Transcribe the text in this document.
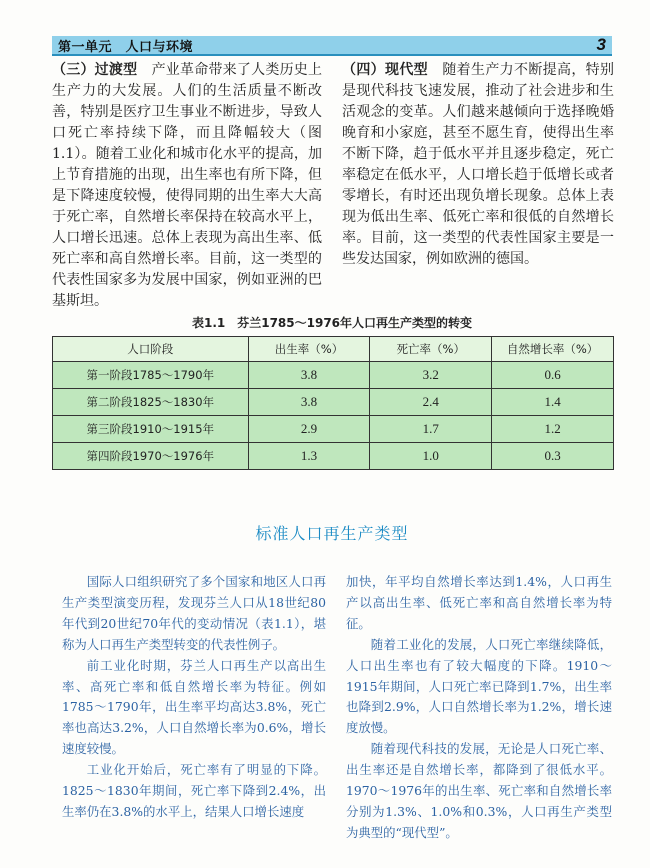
第一单元　人口与环境	3
（三）过渡型　产业革命带来了人类历史上生产力的大发展。人们的生活质量不断改善，特别是医疗卫生事业不断进步，导致人口死亡率持续下降，而且降幅较大（图1.1）。随着工业化和城市化水平的提高，加上节育措施的出现，出生率也有所下降，但是下降速度较慢，使得同期的出生率大大高于死亡率，自然增长率保持在较高水平上，人口增长迅速。总体上表现为高出生率、低死亡率和高自然增长率。目前，这一类型的代表性国家多为发展中国家，例如亚洲的巴基斯坦。
（四）现代型　随着生产力不断提高，特别是现代科技飞速发展，推动了社会进步和生活观念的变革。人们越来越倾向于选择晚婚晚育和小家庭，甚至不愿生育，使得出生率不断下降，趋于低水平并且逐步稳定，死亡率稳定在低水平，人口增长趋于低增长或者零增长，有时还出现负增长现象。总体上表现为低出生率、低死亡率和很低的自然增长率。目前，这一类型的代表性国家主要是一些发达国家，例如欧洲的德国。
表1.1　芬兰1785～1976年人口再生产类型的转变
人口阶段	出生率（%）	死亡率（%）	自然增长率（%）
第一阶段1785～1790年	3.8	3.2	0.6
第二阶段1825～1830年	3.8	2.4	1.4
第三阶段1910～1915年	2.9	1.7	1.2
第四阶段1970～1976年	1.3	1.0	0.3
标准人口再生产类型

国际人口组织研究了多个国家和地区人口再生产类型演变历程，发现芬兰人口从18世纪80年代到20世纪70年代的变动情况（表1.1），堪称为人口再生产类型转变的代表性例子。

前工业化时期，芬兰人口再生产以高出生率、高死亡率和低自然增长率为特征。例如1785～1790年，出生率平均高达3.8%，死亡率也高达3.2%，人口自然增长率为0.6%，增长速度较慢。

工业化开始后，死亡率有了明显的下降。1825～1830年期间，死亡率下降到2.4%，出生率仍在3.8%的水平上，结果人口增长速度

加快，年平均自然增长率达到1.4%，人口再生产以高出生率、低死亡率和高自然增长率为特征。

随着工业化的发展，人口死亡率继续降低，人口出生率也有了较大幅度的下降。1910～1915年期间，人口死亡率已降到1.7%，出生率也降到2.9%，人口自然增长率为1.2%，增长速度放慢。

随着现代科技的发展，无论是人口死亡率、出生率还是自然增长率，都降到了很低水平。1970～1976年的出生率、死亡率和自然增长率分别为1.3%、1.0%和0.3%，人口再生产类型为典型的“现代型”。
